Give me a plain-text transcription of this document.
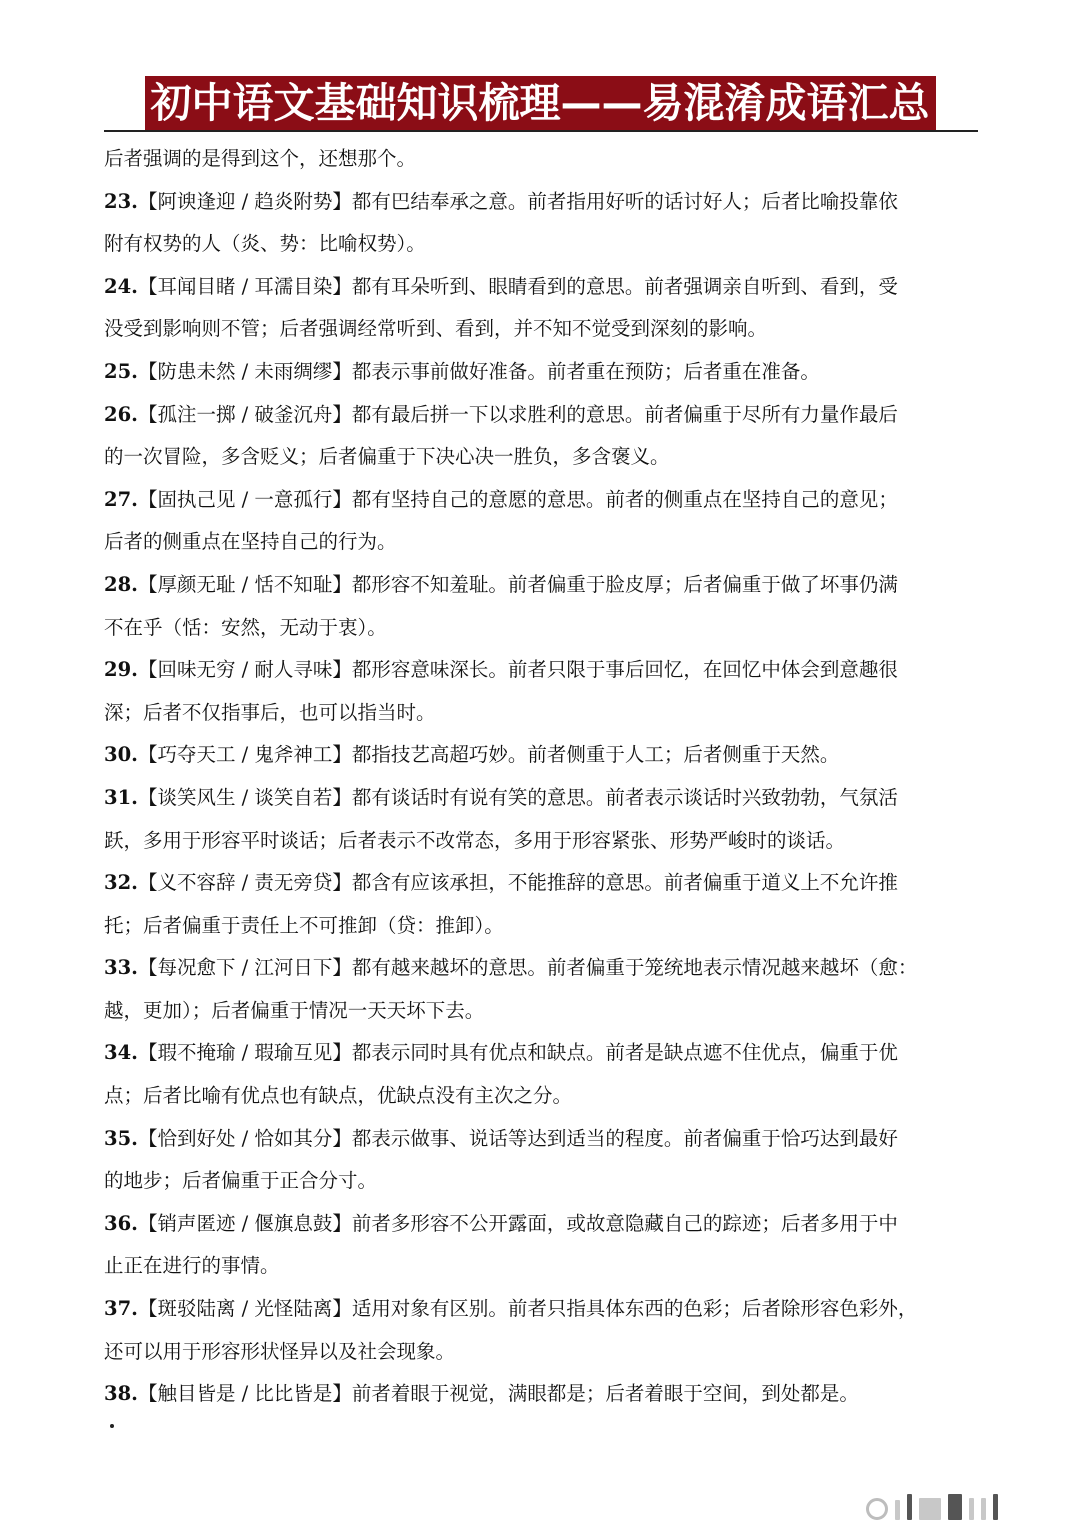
初中语文基础知识梳理——易混淆成语汇总
后者强调的是得到这个，还想那个。
23.【阿谀逢迎 / 趋炎附势】都有巴结奉承之意。前者指用好听的话讨好人；后者比喻投靠依
附有权势的人（炎、势：比喻权势）。
24.【耳闻目睹 / 耳濡目染】都有耳朵听到、眼睛看到的意思。前者强调亲自听到、看到，受
没受到影响则不管；后者强调经常听到、看到，并不知不觉受到深刻的影响。
25.【防患未然 / 未雨绸缪】都表示事前做好准备。前者重在预防；后者重在准备。
26.【孤注一掷 / 破釜沉舟】都有最后拼一下以求胜利的意思。前者偏重于尽所有力量作最后
的一次冒险，多含贬义；后者偏重于下决心决一胜负，多含褒义。
27.【固执己见 / 一意孤行】都有坚持自己的意愿的意思。前者的侧重点在坚持自己的意见；
后者的侧重点在坚持自己的行为。
28.【厚颜无耻 / 恬不知耻】都形容不知羞耻。前者偏重于脸皮厚；后者偏重于做了坏事仍满
不在乎（恬：安然，无动于衷）。
29.【回味无穷 / 耐人寻味】都形容意味深长。前者只限于事后回忆，在回忆中体会到意趣很
深；后者不仅指事后，也可以指当时。
30.【巧夺天工 / 鬼斧神工】都指技艺高超巧妙。前者侧重于人工；后者侧重于天然。
31.【谈笑风生 / 谈笑自若】都有谈话时有说有笑的意思。前者表示谈话时兴致勃勃，气氛活
跃，多用于形容平时谈话；后者表示不改常态，多用于形容紧张、形势严峻时的谈话。
32.【义不容辞 / 责无旁贷】都含有应该承担，不能推辞的意思。前者偏重于道义上不允许推
托；后者偏重于责任上不可推卸（贷：推卸）。
33.【每况愈下 / 江河日下】都有越来越坏的意思。前者偏重于笼统地表示情况越来越坏（愈：
越，更加）；后者偏重于情况一天天坏下去。
34.【瑕不掩瑜 / 瑕瑜互见】都表示同时具有优点和缺点。前者是缺点遮不住优点，偏重于优
点；后者比喻有优点也有缺点，优缺点没有主次之分。
35.【恰到好处 / 恰如其分】都表示做事、说话等达到适当的程度。前者偏重于恰巧达到最好
的地步；后者偏重于正合分寸。
36.【销声匿迹 / 偃旗息鼓】前者多形容不公开露面，或故意隐藏自己的踪迹；后者多用于中
止正在进行的事情。
37.【斑驳陆离 / 光怪陆离】适用对象有区别。前者只指具体东西的色彩；后者除形容色彩外，
还可以用于形容形状怪异以及社会现象。
38.【触目皆是 / 比比皆是】前者着眼于视觉，满眼都是；后者着眼于空间，到处都是。
